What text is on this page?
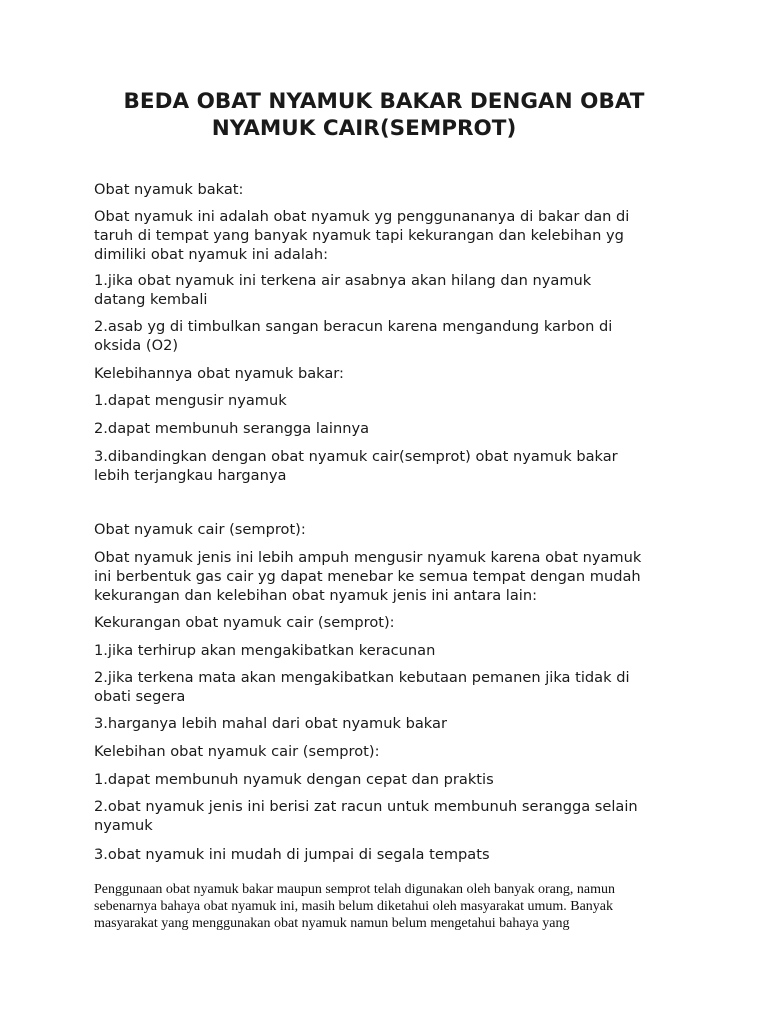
BEDA OBAT NYAMUK BAKAR DENGAN OBAT
NYAMUK CAIR(SEMPROT)

Obat nyamuk bakat:

Obat nyamuk ini adalah obat nyamuk yg penggunananya di bakar dan di
taruh di tempat yang banyak nyamuk tapi kekurangan dan kelebihan yg
dimiliki obat nyamuk ini adalah:

1.jika obat nyamuk ini terkena air asabnya akan hilang dan nyamuk
datang kembali

2.asab yg di timbulkan sangan beracun karena mengandung karbon di
oksida (O2)

Kelebihannya obat nyamuk bakar:

1.dapat mengusir nyamuk

2.dapat membunuh serangga lainnya

3.dibandingkan dengan obat nyamuk cair(semprot) obat nyamuk bakar
lebih terjangkau harganya

Obat nyamuk cair (semprot):

Obat nyamuk jenis ini lebih ampuh mengusir nyamuk karena obat nyamuk
ini berbentuk gas cair yg dapat menebar ke semua tempat dengan mudah
kekurangan dan kelebihan obat nyamuk jenis ini antara lain:

Kekurangan obat nyamuk cair (semprot):

1.jika terhirup akan mengakibatkan keracunan

2.jika terkena mata akan mengakibatkan kebutaan pemanen jika tidak di
obati segera

3.harganya lebih mahal dari obat nyamuk bakar

Kelebihan obat nyamuk cair (semprot):

1.dapat membunuh nyamuk dengan cepat dan praktis

2.obat nyamuk jenis ini berisi zat racun untuk membunuh serangga selain
nyamuk

3.obat nyamuk ini mudah di jumpai di segala tempats

Penggunaan obat nyamuk bakar maupun semprot telah digunakan oleh banyak orang, namun
sebenarnya bahaya obat nyamuk ini, masih belum diketahui oleh masyarakat umum. Banyak
masyarakat yang menggunakan obat nyamuk namun belum mengetahui bahaya yang
